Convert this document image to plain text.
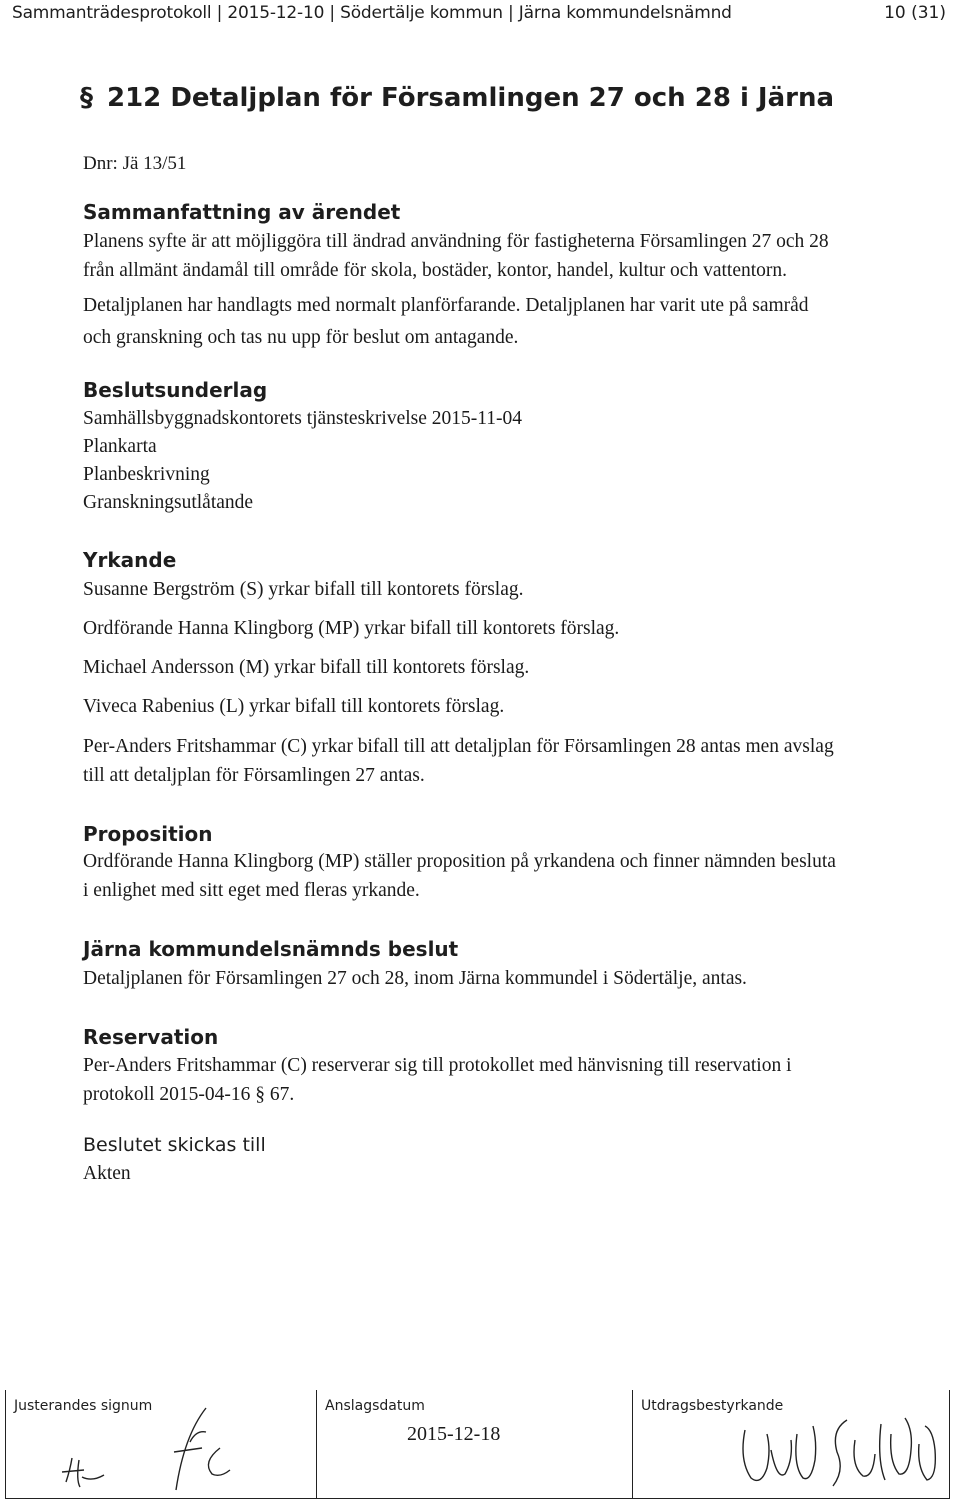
Sammanträdesprotokoll | 2015-12-10 | Södertälje kommun | Järna kommundelsnämnd	10 (31)
§ 212 Detaljplan för Församlingen 27 och 28 i Järna
Dnr: Jä 13/51
Sammanfattning av ärendet
Planens syfte är att möjliggöra till ändrad användning för fastigheterna Församlingen 27 och 28
från allmänt ändamål till område för skola, bostäder, kontor, handel, kultur och vattentorn.
Detaljplanen har handlagts med normalt planförfarande. Detaljplanen har varit ute på samråd
och granskning och tas nu upp för beslut om antagande.
Beslutsunderlag
Samhällsbyggnadskontorets tjänsteskrivelse 2015-11-04
Plankarta
Planbeskrivning
Granskningsutlåtande
Yrkande
Susanne Bergström (S) yrkar bifall till kontorets förslag.
Ordförande Hanna Klingborg (MP) yrkar bifall till kontorets förslag.
Michael Andersson (M) yrkar bifall till kontorets förslag.
Viveca Rabenius (L) yrkar bifall till kontorets förslag.
Per-Anders Fritshammar (C) yrkar bifall till att detaljplan för Församlingen 28 antas men avslag
till att detaljplan för Församlingen 27 antas.
Proposition
Ordförande Hanna Klingborg (MP) ställer proposition på yrkandena och finner nämnden besluta
i enlighet med sitt eget med fleras yrkande.
Järna kommundelsnämnds beslut
Detaljplanen för Församlingen 27 och 28, inom Järna kommundel i Södertälje, antas.
Reservation
Per-Anders Fritshammar (C) reserverar sig till protokollet med hänvisning till reservation i
protokoll 2015-04-16 § 67.
Beslutet skickas till
Akten
Justerandes signum	Anslagsdatum
2015-12-18
Utdragsbestyrkande
